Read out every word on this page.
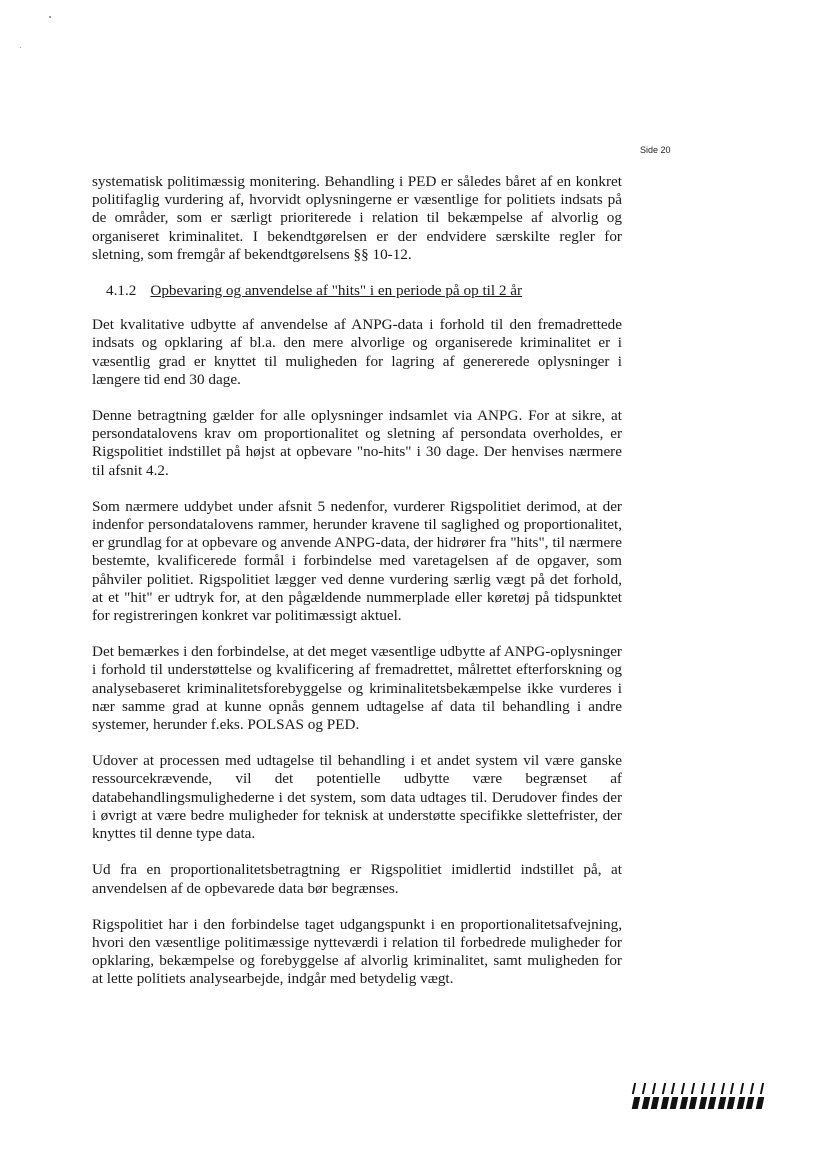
Side 20

systematisk politimæssig monitering. Behandling i PED er således båret af en konkret politifaglig vurdering af, hvorvidt oplysningerne er væsentlige for politiets indsats på de områder, som er særligt prioriterede i relation til bekæmpelse af alvorlig og organiseret kriminalitet. I bekendtgørelsen er der endvidere særskilte regler for sletning, som fremgår af bekendtgørelsens §§ 10-12.

4.1.2 Opbevaring og anvendelse af "hits" i en periode på op til 2 år

Det kvalitative udbytte af anvendelse af ANPG-data i forhold til den fremadrettede indsats og opklaring af bl.a. den mere alvorlige og organiserede kriminalitet er i væsentlig grad er knyttet til muligheden for lagring af genererede oplysninger i længere tid end 30 dage.

Denne betragtning gælder for alle oplysninger indsamlet via ANPG. For at sikre, at persondatalovens krav om proportionalitet og sletning af persondata overholdes, er Rigspolitiet indstillet på højst at opbevare "no-hits" i 30 dage. Der henvises nærmere til afsnit 4.2.

Som nærmere uddybet under afsnit 5 nedenfor, vurderer Rigspolitiet derimod, at der indenfor persondatalovens rammer, herunder kravene til saglighed og proportionalitet, er grundlag for at opbevare og anvende ANPG-data, der hidrører fra "hits", til nærmere bestemte, kvalificerede formål i forbindelse med varetagelsen af de opgaver, som påhviler politiet. Rigspolitiet lægger ved denne vurdering særlig vægt på det forhold, at et "hit" er udtryk for, at den pågældende nummerplade eller køretøj på tidspunktet for registreringen konkret var politimæssigt aktuel.

Det bemærkes i den forbindelse, at det meget væsentlige udbytte af ANPG-oplysninger i forhold til understøttelse og kvalificering af fremadrettet, målrettet efterforskning og analysebaseret kriminalitetsforebyggelse og kriminalitetsbekæmpelse ikke vurderes i nær samme grad at kunne opnås gennem udtagelse af data til behandling i andre systemer, herunder f.eks. POLSAS og PED.

Udover at processen med udtagelse til behandling i et andet system vil være ganske ressourcekrævende, vil det potentielle udbytte være begrænset af databehandlingsmulighederne i det system, som data udtages til. Derudover findes der i øvrigt at være bedre muligheder for teknisk at understøtte specifikke slettefrister, der knyttes til denne type data.

Ud fra en proportionalitetsbetragtning er Rigspolitiet imidlertid indstillet på, at anvendelsen af de opbevarede data bør begrænses.

Rigspolitiet har i den forbindelse taget udgangspunkt i en proportionalitetsafvejning, hvori den væsentlige politimæssige nytteværdi i relation til forbedrede muligheder for opklaring, bekæmpelse og forebyggelse af alvorlig kriminalitet, samt muligheden for at lette politiets analysearbejde, indgår med betydelig vægt.
